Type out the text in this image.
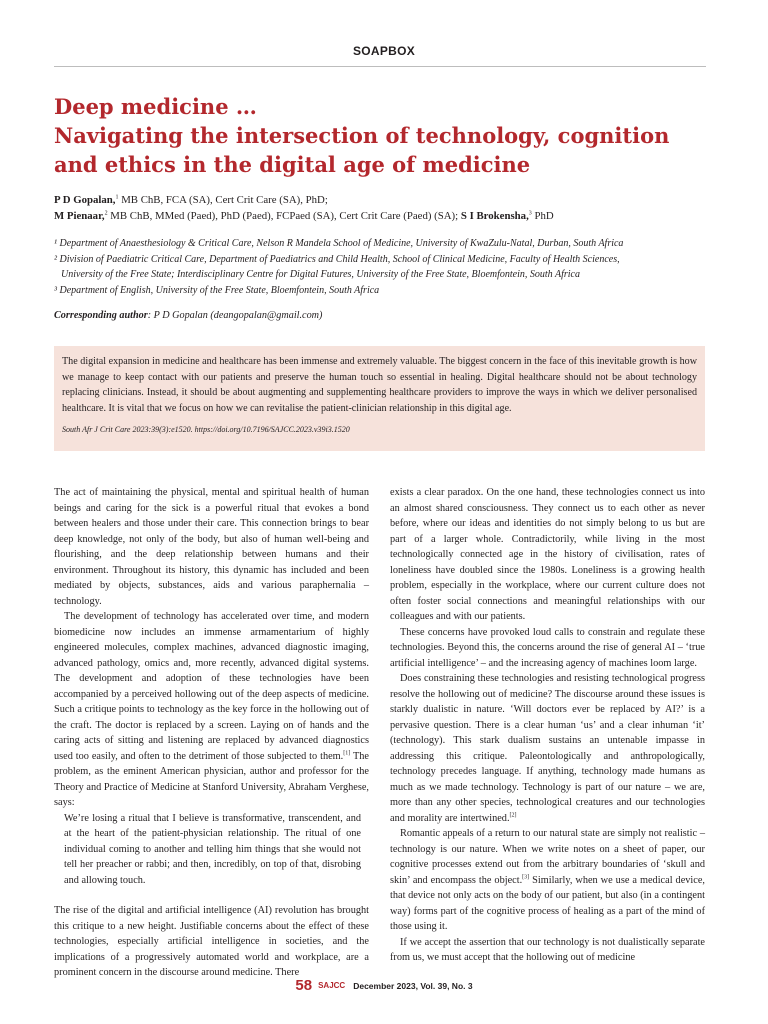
SOAPBOX
Deep medicine …
Navigating the intersection of technology, cognition
and ethics in the digital age of medicine
P D Gopalan,$^1$ MB ChB, FCA (SA), Cert Crit Care (SA), PhD;
M Pienaar,$^2$ MB ChB, MMed (Paed), PhD (Paed), FCPaed (SA), Cert Crit Care (Paed) (SA); S I Brokensha,$^3$ PhD
¹ Department of Anaesthesiology & Critical Care, Nelson R Mandela School of Medicine, University of KwaZulu-Natal, Durban, South Africa
² Division of Paediatric Critical Care, Department of Paediatrics and Child Health, School of Clinical Medicine, Faculty of Health Sciences,
University of the Free State; Interdisciplinary Centre for Digital Futures, University of the Free State, Bloemfontein, South Africa
³ Department of English, University of the Free State, Bloemfontein, South Africa
Corresponding author: P D Gopalan (deangopalan@gmail.com)

The digital expansion in medicine and healthcare has been immense and extremely valuable. The biggest concern in the face of this inevitable growth is how we manage to keep contact with our patients and preserve the human touch so essential in healing. Digital healthcare should not be about technology replacing clinicians. Instead, it should be about augmenting and supplementing healthcare providers to improve the ways in which we deliver personalised healthcare. It is vital that we focus on how we can revitalise the patient-clinician relationship in this digital age.

South Afr J Crit Care 2023:39(3):e1520. https://doi.org/10.7196/SAJCC.2023.v39i3.1520

The act of maintaining the physical, mental and spiritual health of human beings and caring for the sick is a powerful ritual that evokes a bond between healers and those under their care. This connection brings to bear deep knowledge, not only of the body, but also of human well-being and flourishing, and the deep relationship between humans and their environment. Throughout its history, this dynamic has included and been mediated by objects, substances, aids and various paraphernalia – technology.

The development of technology has accelerated over time, and modern biomedicine now includes an immense armamentarium of highly engineered molecules, complex machines, advanced diagnostic imaging, advanced pathology, omics and, more recently, advanced digital systems. The development and adoption of these technologies have been accompanied by a perceived hollowing out of the deep aspects of medicine. Such a critique points to technology as the key force in the hollowing out of the craft. The doctor is replaced by a screen. Laying on of hands and the caring acts of sitting and listening are replaced by advanced diagnostics used too easily, and often to the detriment of those subjected to them.[1] The problem, as the eminent American physician, author and professor for the Theory and Practice of Medicine at Stanford University, Abraham Verghese, says:

We’re losing a ritual that I believe is transformative, transcendent, and at the heart of the patient-physician relationship. The ritual of one individual coming to another and telling him things that she would not tell her preacher or rabbi; and then, incredibly, on top of that, disrobing and allowing touch.

The rise of the digital and artificial intelligence (AI) revolution has brought this critique to a new height. Justifiable concerns about the effect of these technologies, especially artificial intelligence in societies, and the implications of a progressively automated world and workplace, are a prominent concern in the discourse around medicine. There

exists a clear paradox. On the one hand, these technologies connect us into an almost shared consciousness. They connect us to each other as never before, where our ideas and identities do not simply belong to us but are part of a larger whole. Contradictorily, while living in the most technologically connected age in the history of civilisation, rates of loneliness have doubled since the 1980s. Loneliness is a growing health problem, especially in the workplace, where our current culture does not often foster social connections and meaningful relationships with our colleagues and with our patients.

These concerns have provoked loud calls to constrain and regulate these technologies. Beyond this, the concerns around the rise of general AI – ‘true artificial intelligence’ – and the increasing agency of machines loom large.

Does constraining these technologies and resisting technological progress resolve the hollowing out of medicine? The discourse around these issues is starkly dualistic in nature. ‘Will doctors ever be replaced by AI?’ is a pervasive question. There is a clear human ‘us’ and a clear inhuman ‘it’ (technology). This stark dualism sustains an untenable impasse in addressing this critique. Paleontologically and anthropologically, technology precedes language. If anything, technology made humans as much as we made technology. Technology is part of our nature – we are, more than any other species, technological creatures and our technologies and morality are intertwined.[2]

Romantic appeals of a return to our natural state are simply not realistic – technology is our nature. When we write notes on a sheet of paper, our cognitive processes extend out from the arbitrary boundaries of ‘skull and skin’ and encompass the object.[3] Similarly, when we use a medical device, that device not only acts on the body of our patient, but also (in a contingent way) forms part of the cognitive process of healing as a part of the mind of those using it.

If we accept the assertion that our technology is not dualistically separate from us, we must accept that the hollowing out of medicine

58 SAJCC December 2023, Vol. 39, No. 3
